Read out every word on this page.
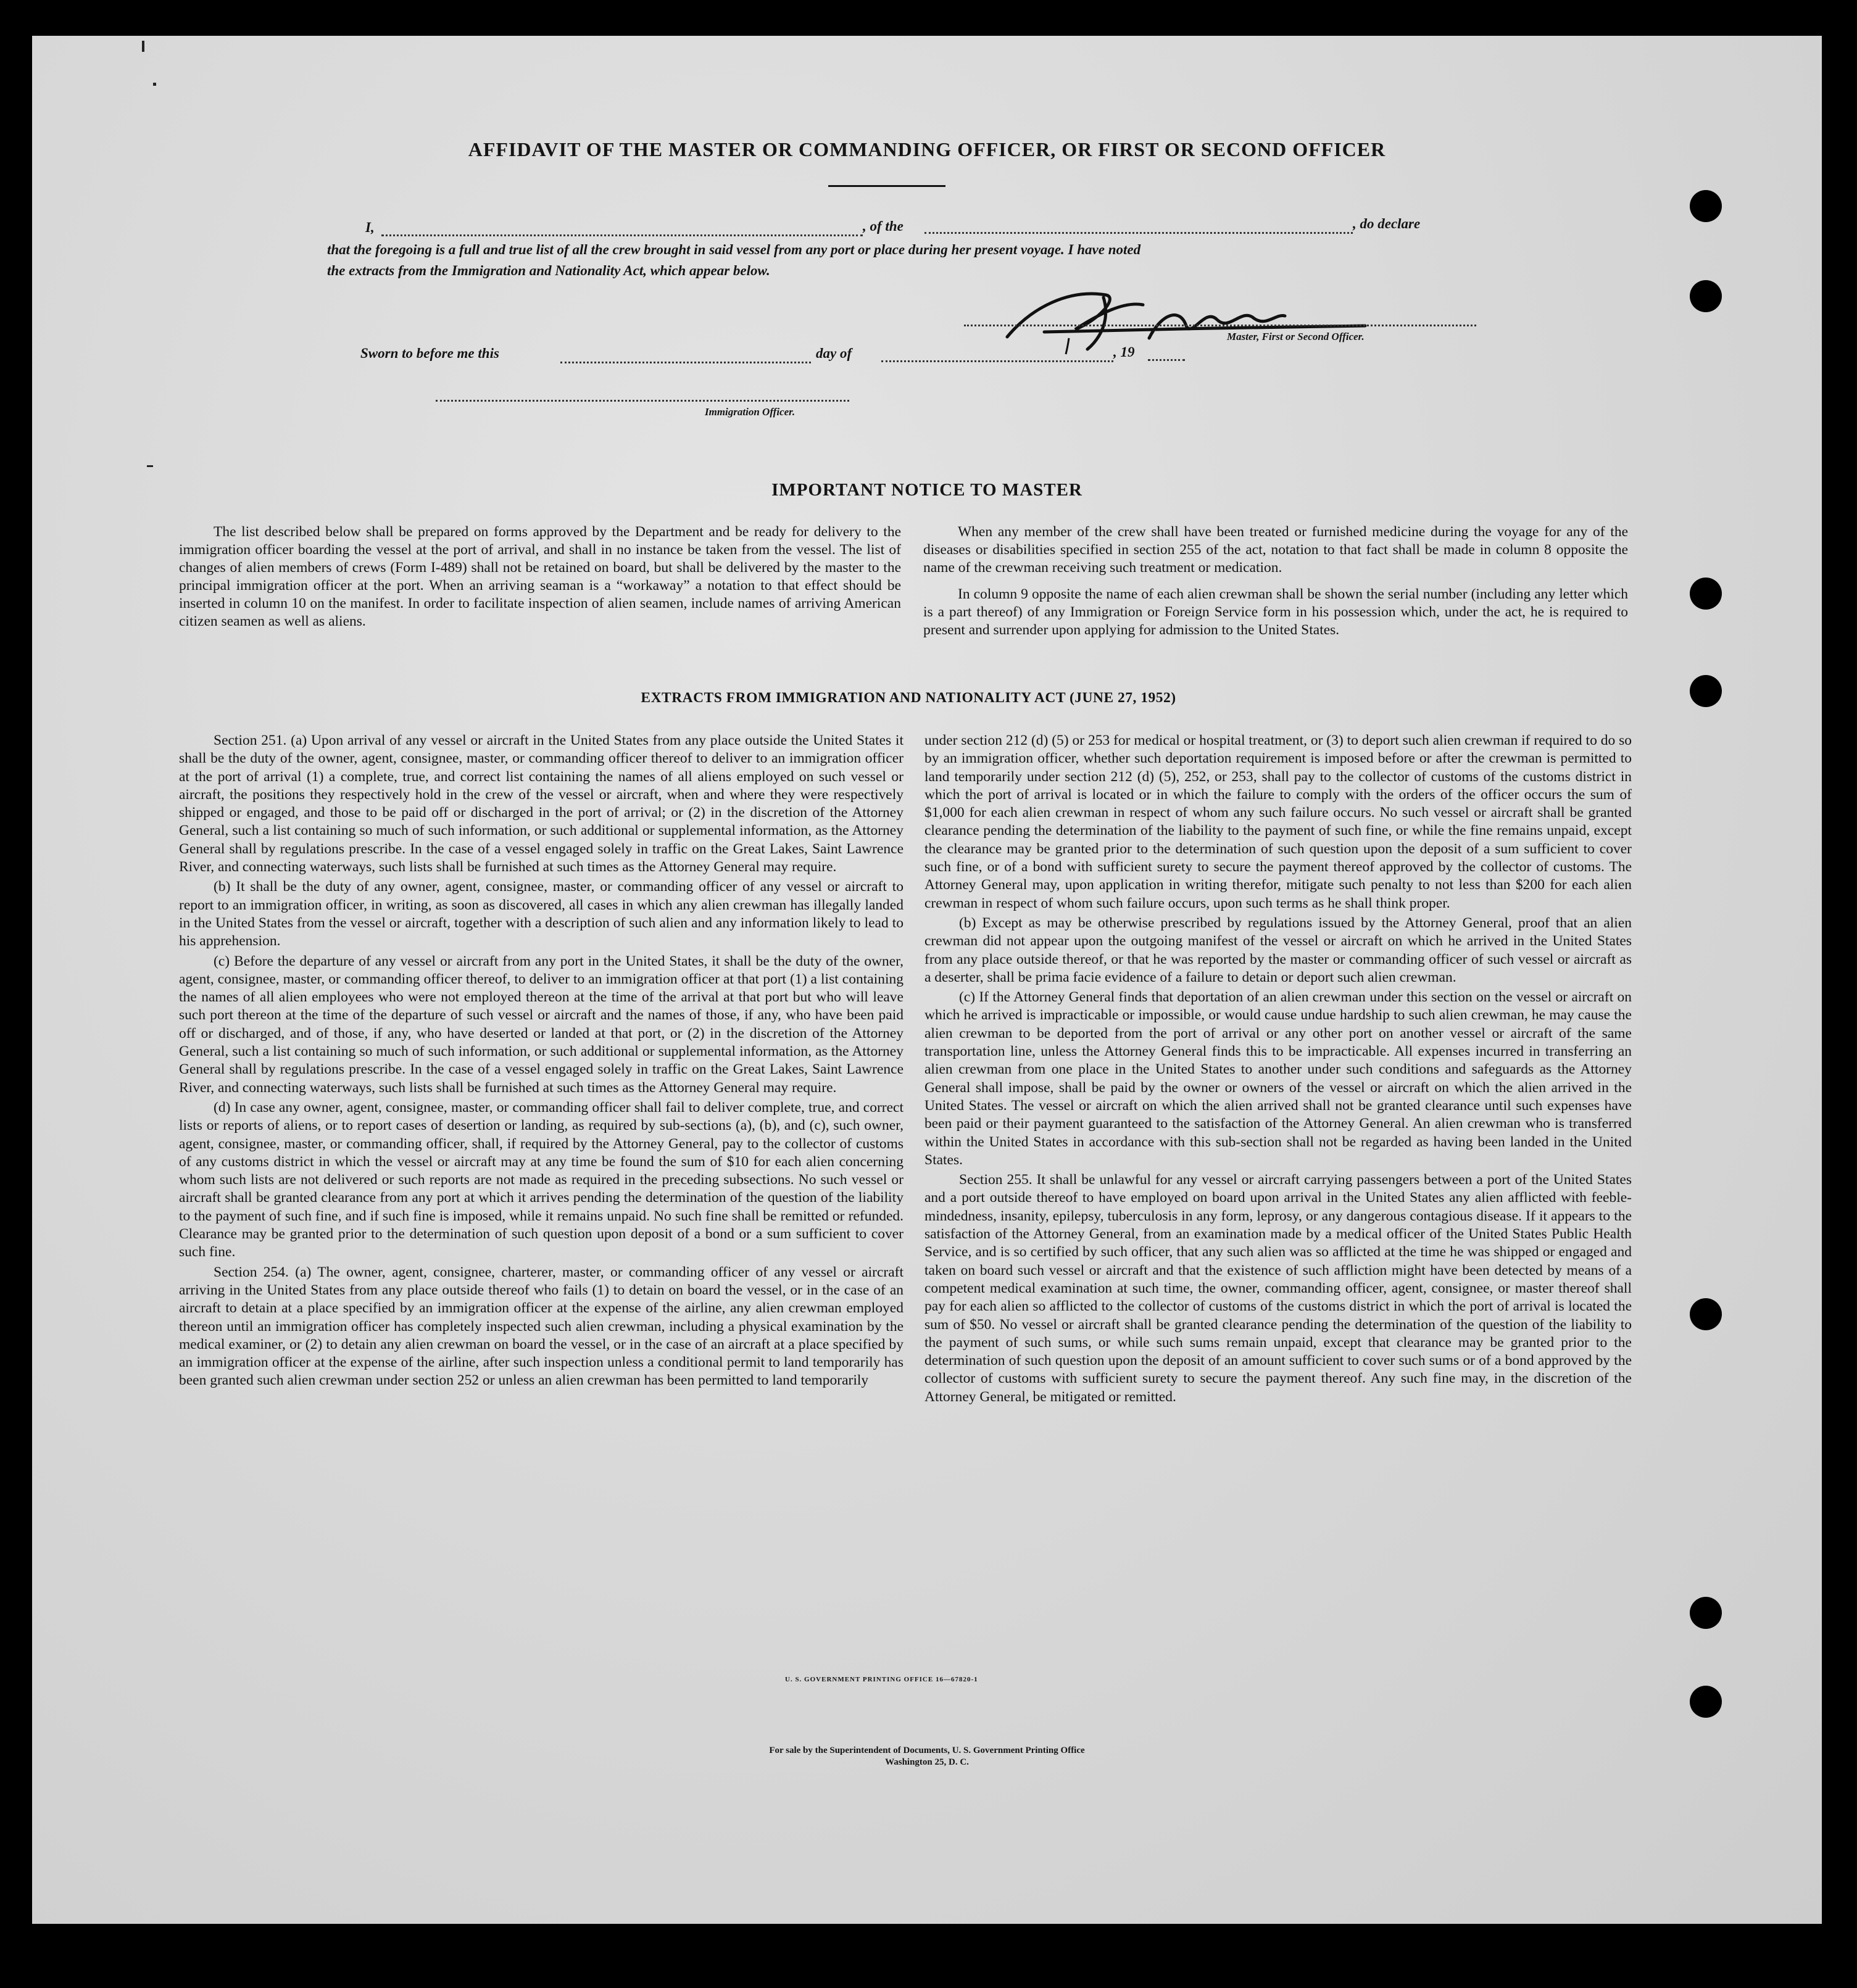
AFFIDAVIT OF THE MASTER OR COMMANDING OFFICER, OR FIRST OR SECOND OFFICER
I,	, of the	, do declare
that the foregoing is a full and true list of all the crew brought in said vessel from any port or place during her present voyage. I have noted
the extracts from the Immigration and Nationality Act, which appear below.
Master, First or Second Officer.
Sworn to before me this	day of	, 19
Immigration Officer.
IMPORTANT NOTICE TO MASTER

The list described below shall be prepared on forms approved by the Department and be ready for delivery to the immigration officer boarding the vessel at the port of arrival, and shall in no instance be taken from the vessel. The list of changes of alien members of crews (Form I-489) shall not be retained on board, but shall be delivered by the master to the principal immigration officer at the port. When an arriving seaman is a “workaway” a notation to that effect should be inserted in column 10 on the manifest. In order to facilitate inspection of alien seamen, include names of arriving American citizen seamen as well as aliens.

When any member of the crew shall have been treated or furnished medicine during the voyage for any of the diseases or disabilities specified in section 255 of the act, notation to that fact shall be made in column 8 opposite the name of the crewman receiving such treatment or medication.

In column 9 opposite the name of each alien crewman shall be shown the serial number (including any letter which is a part thereof) of any Immigration or Foreign Service form in his possession which, under the act, he is required to present and surrender upon applying for admission to the United States.

EXTRACTS FROM IMMIGRATION AND NATIONALITY ACT (JUNE 27, 1952)

Section 251. (a) Upon arrival of any vessel or aircraft in the United States from any place outside the United States it shall be the duty of the owner, agent, consignee, master, or commanding officer thereof to deliver to an immigration officer at the port of arrival (1) a complete, true, and correct list containing the names of all aliens employed on such vessel or aircraft, the positions they respectively hold in the crew of the vessel or aircraft, when and where they were respectively shipped or engaged, and those to be paid off or discharged in the port of arrival; or (2) in the discretion of the Attorney General, such a list containing so much of such information, or such additional or supplemental information, as the Attorney General shall by regulations prescribe. In the case of a vessel engaged solely in traffic on the Great Lakes, Saint Lawrence River, and connecting waterways, such lists shall be furnished at such times as the Attorney General may require.

(b) It shall be the duty of any owner, agent, consignee, master, or commanding officer of any vessel or aircraft to report to an immigration officer, in writing, as soon as discovered, all cases in which any alien crewman has illegally landed in the United States from the vessel or aircraft, together with a description of such alien and any information likely to lead to his apprehension.

(c) Before the departure of any vessel or aircraft from any port in the United States, it shall be the duty of the owner, agent, consignee, master, or commanding officer thereof, to deliver to an immigration officer at that port (1) a list containing the names of all alien employees who were not employed thereon at the time of the arrival at that port but who will leave such port thereon at the time of the departure of such vessel or aircraft and the names of those, if any, who have been paid off or discharged, and of those, if any, who have deserted or landed at that port, or (2) in the discretion of the Attorney General, such a list containing so much of such information, or such additional or supplemental information, as the Attorney General shall by regulations prescribe. In the case of a vessel engaged solely in traffic on the Great Lakes, Saint Lawrence River, and connecting waterways, such lists shall be furnished at such times as the Attorney General may require.

(d) In case any owner, agent, consignee, master, or commanding officer shall fail to deliver complete, true, and correct lists or reports of aliens, or to report cases of desertion or landing, as required by sub-sections (a), (b), and (c), such owner, agent, consignee, master, or commanding officer, shall, if required by the Attorney General, pay to the collector of customs of any customs district in which the vessel or aircraft may at any time be found the sum of $10 for each alien concerning whom such lists are not delivered or such reports are not made as required in the preceding subsections. No such vessel or aircraft shall be granted clearance from any port at which it arrives pending the determination of the question of the liability to the payment of such fine, and if such fine is imposed, while it remains unpaid. No such fine shall be remitted or refunded. Clearance may be granted prior to the determination of such question upon deposit of a bond or a sum sufficient to cover such fine.

Section 254. (a) The owner, agent, consignee, charterer, master, or commanding officer of any vessel or aircraft arriving in the United States from any place outside thereof who fails (1) to detain on board the vessel, or in the case of an aircraft to detain at a place specified by an immigration officer at the expense of the airline, any alien crewman employed thereon until an immigration officer has completely inspected such alien crewman, including a physical examination by the medical examiner, or (2) to detain any alien crewman on board the vessel, or in the case of an aircraft at a place specified by an immigration officer at the expense of the airline, after such inspection unless a conditional permit to land temporarily has been granted such alien crewman under section 252 or unless an alien crewman has been permitted to land temporarily

under section 212 (d) (5) or 253 for medical or hospital treatment, or (3) to deport such alien crewman if required to do so by an immigration officer, whether such deportation requirement is imposed before or after the crewman is permitted to land temporarily under section 212 (d) (5), 252, or 253, shall pay to the collector of customs of the customs district in which the port of arrival is located or in which the failure to comply with the orders of the officer occurs the sum of $1,000 for each alien crewman in respect of whom any such failure occurs. No such vessel or aircraft shall be granted clearance pending the determination of the liability to the payment of such fine, or while the fine remains unpaid, except the clearance may be granted prior to the determination of such question upon the deposit of a sum sufficient to cover such fine, or of a bond with sufficient surety to secure the payment thereof approved by the collector of customs. The Attorney General may, upon application in writing therefor, mitigate such penalty to not less than $200 for each alien crewman in respect of whom such failure occurs, upon such terms as he shall think proper.

(b) Except as may be otherwise prescribed by regulations issued by the Attorney General, proof that an alien crewman did not appear upon the outgoing manifest of the vessel or aircraft on which he arrived in the United States from any place outside thereof, or that he was reported by the master or commanding officer of such vessel or aircraft as a deserter, shall be prima facie evidence of a failure to detain or deport such alien crewman.

(c) If the Attorney General finds that deportation of an alien crewman under this section on the vessel or aircraft on which he arrived is impracticable or impossible, or would cause undue hardship to such alien crewman, he may cause the alien crewman to be deported from the port of arrival or any other port on another vessel or aircraft of the same transportation line, unless the Attorney General finds this to be impracticable. All expenses incurred in transferring an alien crewman from one place in the United States to another under such conditions and safeguards as the Attorney General shall impose, shall be paid by the owner or owners of the vessel or aircraft on which the alien arrived in the United States. The vessel or aircraft on which the alien arrived shall not be granted clearance until such expenses have been paid or their payment guaranteed to the satisfaction of the Attorney General. An alien crewman who is transferred within the United States in accordance with this sub-section shall not be regarded as having been landed in the United States.

Section 255. It shall be unlawful for any vessel or aircraft carrying passengers between a port of the United States and a port outside thereof to have employed on board upon arrival in the United States any alien afflicted with feeble-mindedness, insanity, epilepsy, tuberculosis in any form, leprosy, or any dangerous contagious disease. If it appears to the satisfaction of the Attorney General, from an examination made by a medical officer of the United States Public Health Service, and is so certified by such officer, that any such alien was so afflicted at the time he was shipped or engaged and taken on board such vessel or aircraft and that the existence of such affliction might have been detected by means of a competent medical examination at such time, the owner, commanding officer, agent, consignee, or master thereof shall pay for each alien so afflicted to the collector of customs of the customs district in which the port of arrival is located the sum of $50. No vessel or aircraft shall be granted clearance pending the determination of the question of the liability to the payment of such sums, or while such sums remain unpaid, except that clearance may be granted prior to the determination of such question upon the deposit of an amount sufficient to cover such sums or of a bond approved by the collector of customs with sufficient surety to secure the payment thereof. Any such fine may, in the discretion of the Attorney General, be mitigated or remitted.

U. S. GOVERNMENT PRINTING OFFICE 16—67820-1
For sale by the Superintendent of Documents, U. S. Government Printing Office
Washington 25, D. C.
